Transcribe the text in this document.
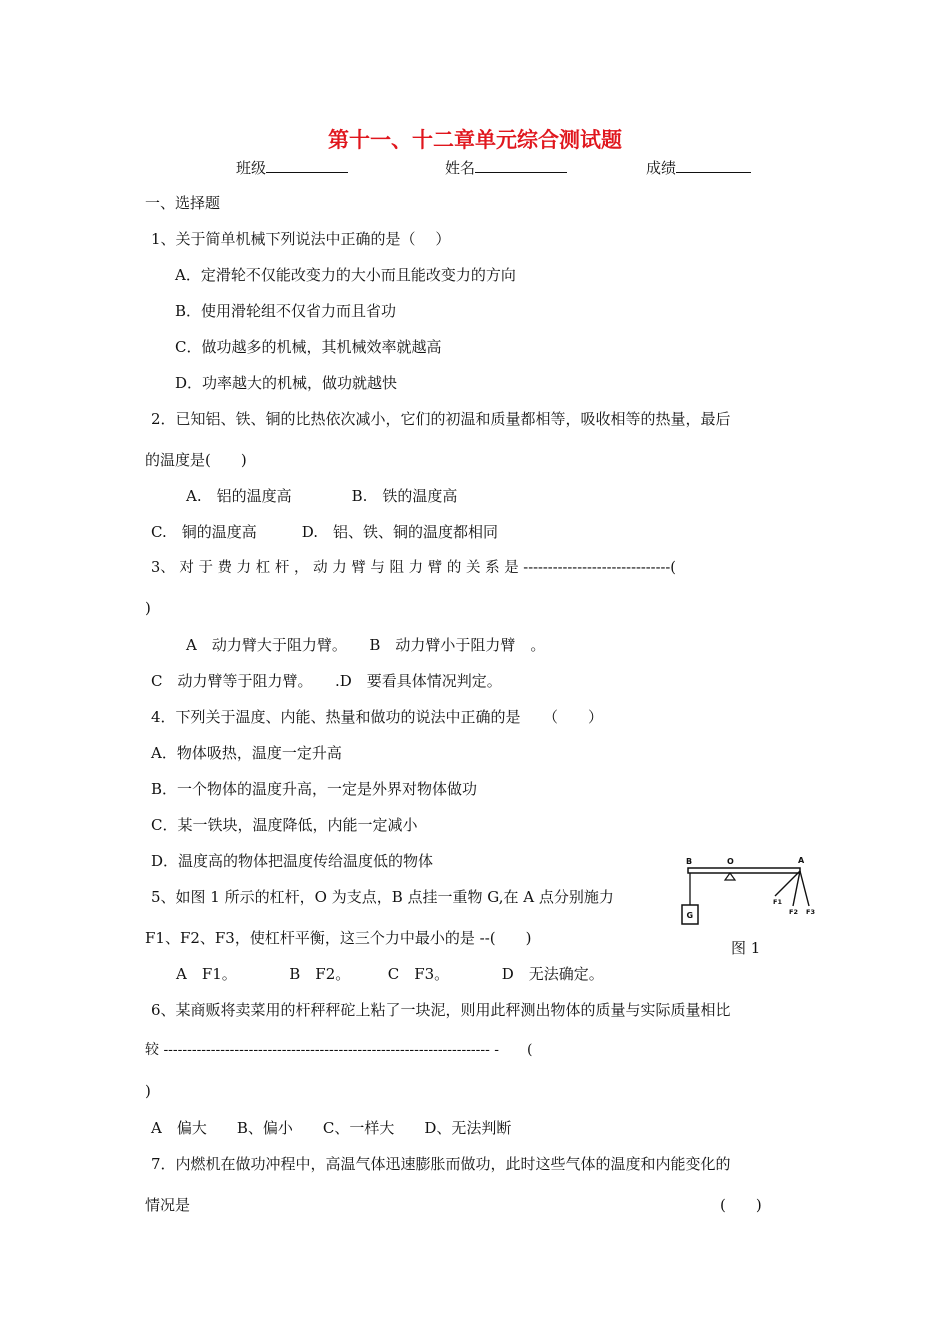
第十一、十二章单元综合测试题
班级	姓名	成绩
一、选择题
1、关于简单机械下列说法中正确的是（　 ）
A．定滑轮不仅能改变力的大小而且能改变力的方向
B．使用滑轮组不仅省力而且省功
C．做功越多的机械，其机械效率就越高
D．功率越大的机械，做功就越快
2．已知铝、铁、铜的比热依次减小，它们的初温和质量都相等，吸收相等的热量，最后
的温度是(　　)
A.　铝的温度高　　　　B.　铁的温度高
C.　铜的温度高　　　D.　铝、铁、铜的温度都相同
3、 对 于 费 力 杠 杆 ， 动 力 臂 与 阻 力 臂 的 关 系 是 ------------------------------(
)
A　动力臂大于阻力臂。　　B　动力臂小于阻力臂　。
C　动力臂等于阻力臂。　　.D　要看具体情况判定。
4．下列关于温度、内能、热量和做功的说法中正确的是　　（　　）
A．物体吸热，温度一定升高
B．一个物体的温度升高，一定是外界对物体做功
C．某一铁块，温度降低，内能一定减小
D．温度高的物体把温度传给温度低的物体
5、如图 1 所示的杠杆，O 为支点，B 点挂一重物 G,在 A 点分别施力
F1、F2、F3，使杠杆平衡，这三个力中最小的是 --(　　)
A　F1。　　　　B　F2。　　　C　F3。　　　　D　无法确定。
B	O	A
G
F1
F2 F3
图 1
6、某商贩将卖菜用的杆秤秤砣上粘了一块泥，则用此秤测出物体的质量与实际质量相比
较 --------------------------------------------------------------------- -　　(
)
A　偏大　　B、偏小　　C、一样大　　D、无法判断
7．内燃机在做功冲程中，高温气体迅速膨胀而做功，此时这些气体的温度和内能变化的
情况是	(　　)
